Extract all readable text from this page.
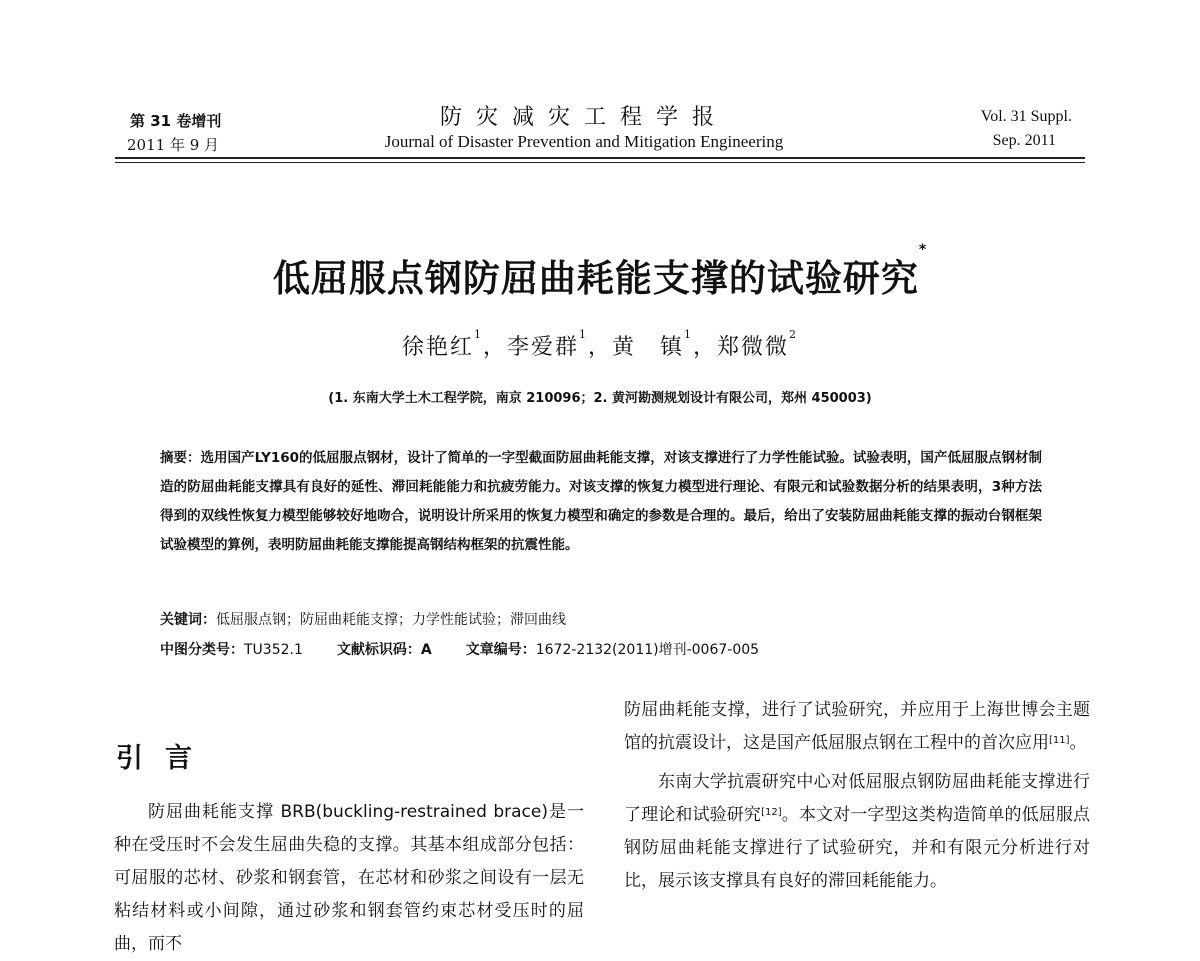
第 31 卷增刊
2011 年 9 月
防灾减灾工程学报
Journal of Disaster Prevention and Mitigation Engineering
Vol. 31 Suppl.
Sep. 2011
低屈服点钢防屈曲耗能支撑的试验研究*
徐艳红$^1$，李爱群$^1$，黄　镇$^1$，郑微微$^2$
(1. 东南大学土木工程学院，南京 210096；2. 黄河勘测规划设计有限公司，郑州 450003)
摘要：选用国产LY160的低屈服点钢材，设计了简单的一字型截面防屈曲耗能支撑，对该支撑进行了力学性能试验。试验表明，国产低屈服点钢材制造的防屈曲耗能支撑具有良好的延性、滞回耗能能力和抗疲劳能力。对该支撑的恢复力模型进行理论、有限元和试验数据分析的结果表明，3种方法得到的双线性恢复力模型能够较好地吻合，说明设计所采用的恢复力模型和确定的参数是合理的。最后，给出了安装防屈曲耗能支撑的振动台钢框架试验模型的算例，表明防屈曲耗能支撑能提高钢结构框架的抗震性能。
关键词：低屈服点钢；防屈曲耗能支撑；力学性能试验；滞回曲线
中图分类号：TU352.1 文献标识码：A 文章编号：1672-2132(2011)增刊-0067-005
引言

防屈曲耗能支撑 BRB(buckling-restrained brace)是一种在受压时不会发生屈曲失稳的支撑。其基本组成部分包括：可屈服的芯材、砂浆和钢套管，在芯材和砂浆之间设有一层无粘结材料或小间隙，通过砂浆和钢套管约束芯材受压时的屈曲，而不

防屈曲耗能支撑，进行了试验研究，并应用于上海世博会主题馆的抗震设计，这是国产低屈服点钢在工程中的首次应用[11]。

东南大学抗震研究中心对低屈服点钢防屈曲耗能支撑进行了理论和试验研究[12]。本文对一字型这类构造简单的低屈服点钢防屈曲耗能支撑进行了试验研究，并和有限元分析进行对比，展示该支撑具有良好的滞回耗能能力。
